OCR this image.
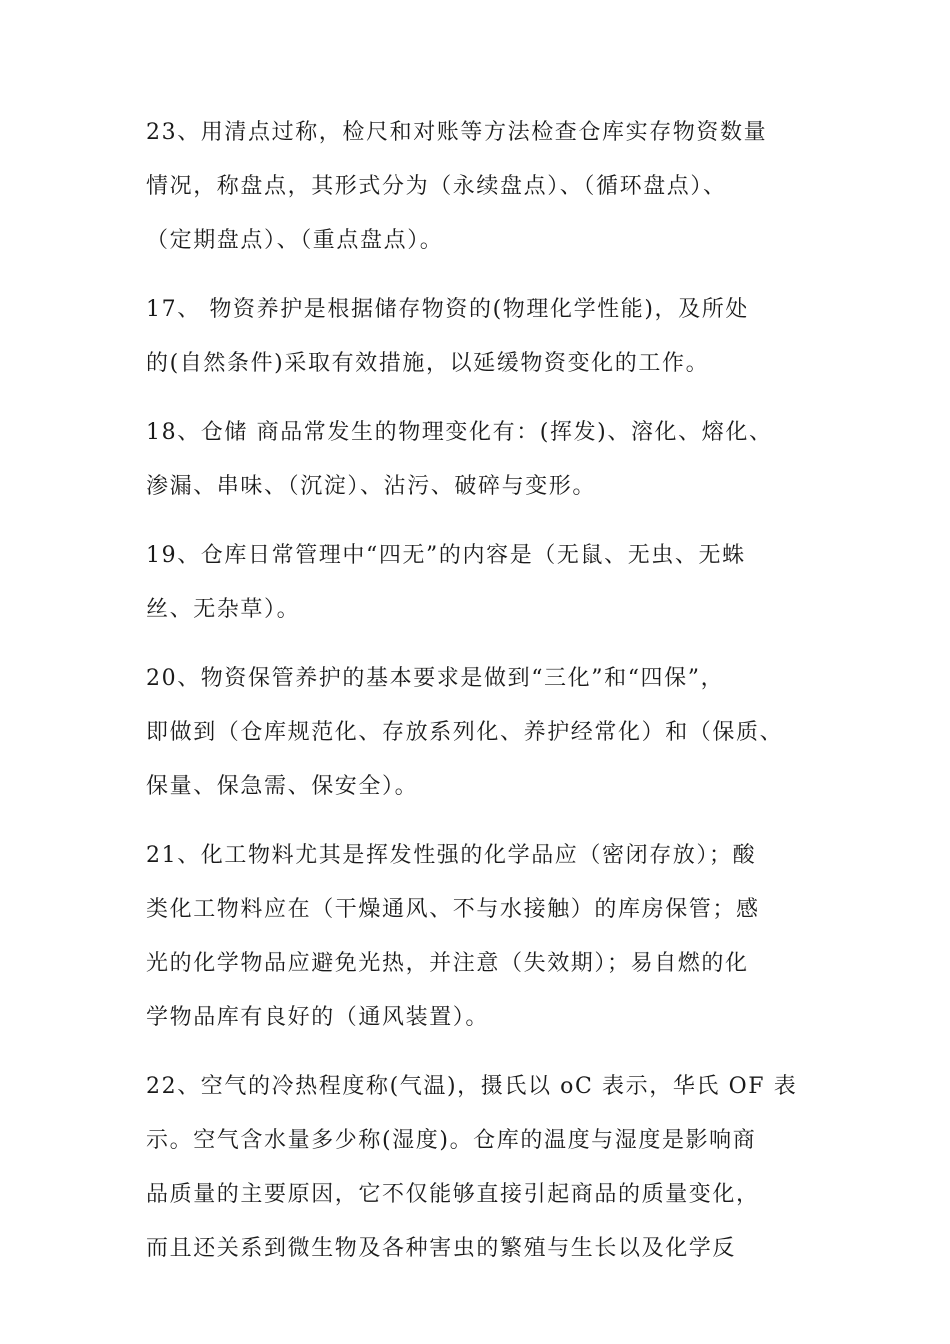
23、用清点过称，检尺和对账等方法检查仓库实存物资数量
情况，称盘点，其形式分为（永续盘点）、（循环盘点）、
（定期盘点）、（重点盘点）。

17、 物资养护是根据储存物资的(物理化学性能)，及所处
的(自然条件)采取有效措施，以延缓物资变化的工作。

18、仓储 商品常发生的物理变化有：(挥发)、溶化、熔化、
渗漏、串味、（沉淀）、沾污、破碎与变形。

19、仓库日常管理中“四无”的内容是（无鼠、无虫、无蛛
丝、无杂草）。

20、物资保管养护的基本要求是做到“三化”和“四保”，
即做到（仓库规范化、存放系列化、养护经常化）和（保质、
保量、保急需、保安全）。

21、化工物料尤其是挥发性强的化学品应（密闭存放）；酸
类化工物料应在（干燥通风、不与水接触）的库房保管；感
光的化学物品应避免光热，并注意（失效期）；易自燃的化
学物品库有良好的（通风装置）。

22、空气的冷热程度称(气温)，摄氏以 oC 表示，华氏 OF 表
示。空气含水量多少称(湿度)。仓库的温度与湿度是影响商
品质量的主要原因，它不仅能够直接引起商品的质量变化，
而且还关系到微生物及各种害虫的繁殖与生长以及化学反
